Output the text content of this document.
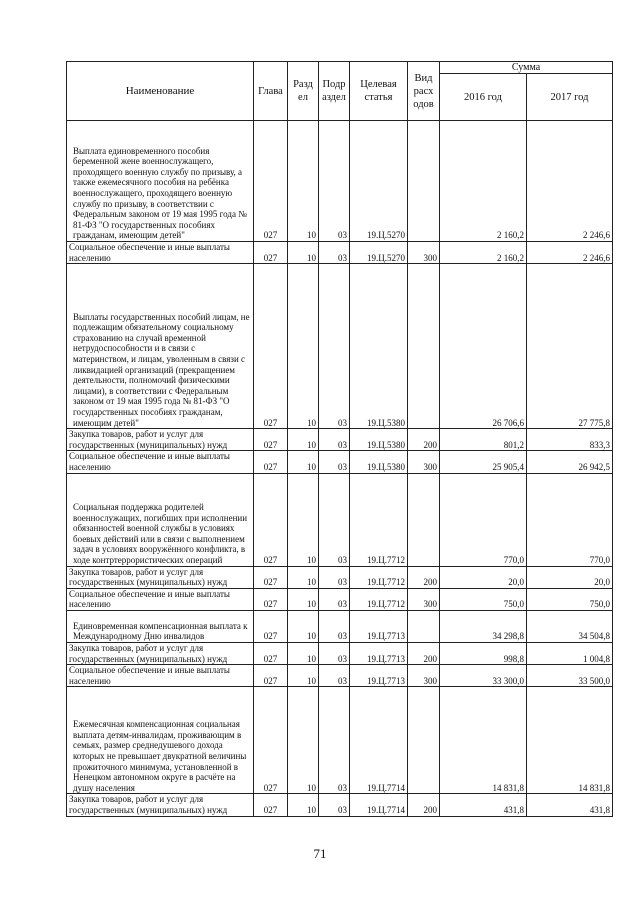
Наименование	Глава	Разд ел	Подр аздел	Целевая статья	Вид расх одов	Сумма	
						2016 год	2017 год
Выплата единовременного пособия беременной жене военнослужащего, проходящего военную службу по призыву, а также ежемесячного пособия на ребёнка военнослужащего, проходящего военную службу по призыву, в соответствии с Федеральным законом от 19 мая 1995 года № 81-ФЗ "О государственных пособиях гражданам, имеющим детей"	027	10	03	19.Ц.5270		2 160,2	2 246,6
Социальное обеспечение и иные выплаты населению	027	10	03	19.Ц.5270	300	2 160,2	2 246,6
Выплаты государственных пособий лицам, не подлежащим обязательному социальному страхованию на случай временной нетрудоспособности и в связи с материнством, и лицам, уволенным в связи с ликвидацией организаций (прекращением деятельности, полномочий физическими лицами), в соответствии с Федеральным законом от 19 мая 1995 года № 81-ФЗ "О государственных пособиях гражданам, имеющим детей"	027	10	03	19.Ц.5380		26 706,6	27 775,8
Закупка товаров, работ и услуг для государственных (муниципальных) нужд	027	10	03	19.Ц.5380	200	801,2	833,3
Социальное обеспечение и иные выплаты населению	027	10	03	19.Ц.5380	300	25 905,4	26 942,5
Социальная поддержка родителей военнослужащих, погибших при исполнении обязанностей военной службы в условиях боевых действий или в связи с выполнением задач в условиях вооружённого конфликта, в ходе контртеррористических операций	027	10	03	19.Ц.7712		770,0	770,0
Закупка товаров, работ и услуг для государственных (муниципальных) нужд	027	10	03	19.Ц.7712	200	20,0	20,0
Социальное обеспечение и иные выплаты населению	027	10	03	19.Ц.7712	300	750,0	750,0
Единовременная компенсационная выплата к Международному Дню инвалидов	027	10	03	19.Ц.7713		34 298,8	34 504,8
Закупка товаров, работ и услуг для государственных (муниципальных) нужд	027	10	03	19.Ц.7713	200	998,8	1 004,8
Социальное обеспечение и иные выплаты населению	027	10	03	19.Ц.7713	300	33 300,0	33 500,0
Ежемесячная компенсационная социальная выплата детям-инвалидам, проживающим в семьях, размер среднедушевого дохода которых не превышает двукратной величины прожиточного минимума, установленной в Ненецком автономном округе в расчёте на душу населения	027	10	03	19.Ц.7714		14 831,8	14 831,8
Закупка товаров, работ и услуг для государственных (муниципальных) нужд	027	10	03	19.Ц.7714	200	431,8	431,8
71
